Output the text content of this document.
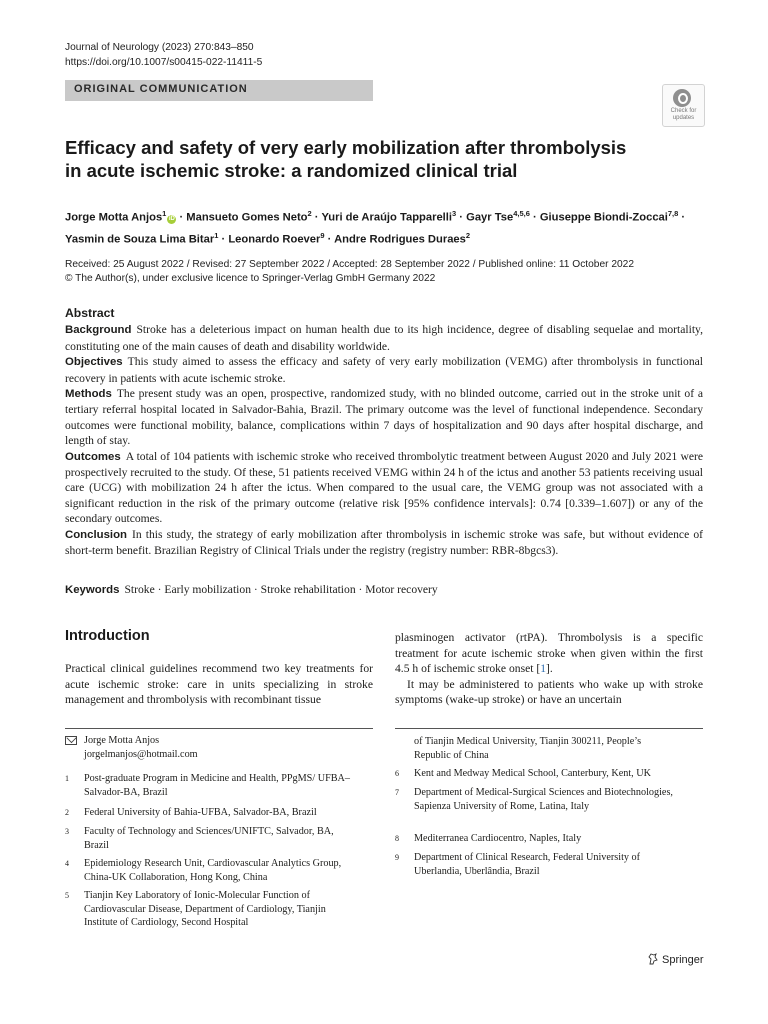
Journal of Neurology (2023) 270:843–850
https://doi.org/10.1007/s00415-022-11411-5
ORIGINAL COMMUNICATION
Check for
updates
Efficacy and safety of very early mobilization after thrombolysis
in acute ischemic stroke: a randomized clinical trial
Jorge Motta Anjos$^1$iD · Mansueto Gomes Neto$^2$ · Yuri de Araújo Tapparelli$^3$ · Gayr Tse$^{4,5,6}$ · Giuseppe Biondi‑Zoccai$^{7,8}$ ·
Yasmin de Souza Lima Bitar$^1$ · Leonardo Roever$^9$ · Andre Rodrigues Duraes$^2$
Received: 25 August 2022 / Revised: 27 September 2022 / Accepted: 28 September 2022 / Published online: 11 October 2022
© The Author(s), under exclusive licence to Springer-Verlag GmbH Germany 2022
Abstract

Background Stroke has a deleterious impact on human health due to its high incidence, degree of disabling sequelae and mortality, constituting one of the main causes of death and disability worldwide.

Objectives This study aimed to assess the efficacy and safety of very early mobilization (VEMG) after thrombolysis in functional recovery in patients with acute ischemic stroke.

Methods The present study was an open, prospective, randomized study, with no blinded outcome, carried out in the stroke unit of a tertiary referral hospital located in Salvador-Bahia, Brazil. The primary outcome was the level of functional independence. Secondary outcomes were functional mobility, balance, complications within 7 days of hospitalization and 90 days after hospital discharge, and length of stay.

Outcomes A total of 104 patients with ischemic stroke who received thrombolytic treatment between August 2020 and July 2021 were prospectively recruited to the study. Of these, 51 patients received VEMG within 24 h of the ictus and another 53 patients receiving usual care (UCG) with mobilization 24 h after the ictus. When compared to the usual care, the VEMG group was not associated with a significant reduction in the risk of the primary outcome (relative risk [95% confidence intervals]: 0.74 [0.339–1.607]) or any of the secondary outcomes.

Conclusion In this study, the strategy of early mobilization after thrombolysis in ischemic stroke was safe, but without evidence of short-term benefit. Brazilian Registry of Clinical Trials under the registry (registry number: RBR-8bgcs3).

Keywords Stroke · Early mobilization · Stroke rehabilitation · Motor recovery
Introduction

Practical clinical guidelines recommend two key treatments for acute ischemic stroke: care in units specializing in stroke management and thrombolysis with recombinant tissue

plasminogen activator (rtPA). Thrombolysis is a specific treatment for acute ischemic stroke when given within the first 4.5 h of ischemic stroke onset [1].

It may be administered to patients who wake up with stroke symptoms (wake-up stroke) or have an uncertain

Jorge Motta Anjos
jorgelmanjos@hotmail.com
1 Post-graduate Program in Medicine and Health, PPgMS/ UFBA–Salvador-BA, Brazil
2 Federal University of Bahia-UFBA, Salvador-BA, Brazil
3 Faculty of Technology and Sciences/UNIFTC, Salvador, BA, Brazil
4 Epidemiology Research Unit, Cardiovascular Analytics Group, China-UK Collaboration, Hong Kong, China
5 Tianjin Key Laboratory of Ionic-Molecular Function of Cardiovascular Disease, Department of Cardiology, Tianjin Institute of Cardiology, Second Hospital
of Tianjin Medical University, Tianjin 300211, People’s Republic of China
6 Kent and Medway Medical School, Canterbury, Kent, UK
7 Department of Medical-Surgical Sciences and Biotechnologies, Sapienza University of Rome, Latina, Italy
8 Mediterranea Cardiocentro, Naples, Italy
9 Department of Clinical Research, Federal University of Uberlandia, Uberlândia, Brazil
Springer
